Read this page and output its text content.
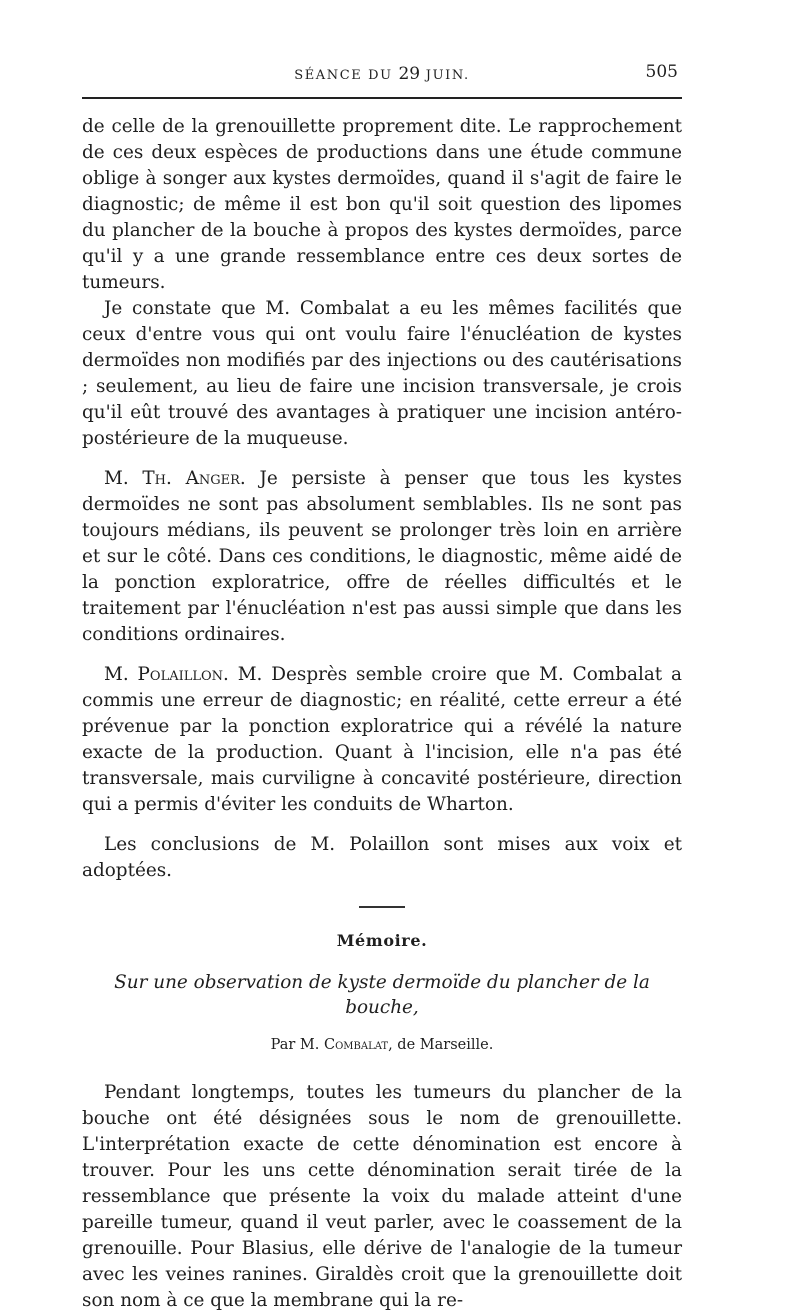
SÉANCE DU 29 JUIN.	505

de celle de la grenouillette proprement dite. Le rapprochement de ces deux espèces de productions dans une étude commune oblige à songer aux kystes dermoïdes, quand il s'agit de faire le diagnostic; de même il est bon qu'il soit question des lipomes du plancher de la bouche à propos des kystes dermoïdes, parce qu'il y a une grande ressemblance entre ces deux sortes de tumeurs.

Je constate que M. Combalat a eu les mêmes facilités que ceux d'entre vous qui ont voulu faire l'énucléation de kystes dermoïdes non modifiés par des injections ou des cautérisations ; seulement, au lieu de faire une incision transversale, je crois qu'il eût trouvé des avantages à pratiquer une incision antéro-postérieure de la muqueuse.

M. Th. Anger. Je persiste à penser que tous les kystes dermoïdes ne sont pas absolument semblables. Ils ne sont pas toujours médians, ils peuvent se prolonger très loin en arrière et sur le côté. Dans ces conditions, le diagnostic, même aidé de la ponction exploratrice, offre de réelles difficultés et le traitement par l'énucléation n'est pas aussi simple que dans les conditions ordinaires.

M. Polaillon. M. Desprès semble croire que M. Combalat a commis une erreur de diagnostic; en réalité, cette erreur a été prévenue par la ponction exploratrice qui a révélé la nature exacte de la production. Quant à l'incision, elle n'a pas été transversale, mais curviligne à concavité postérieure, direction qui a permis d'éviter les conduits de Wharton.

Les conclusions de M. Polaillon sont mises aux voix et adoptées.

Mémoire.

Sur une observation de kyste dermoïde du plancher de la bouche,

Par M. Combalat, de Marseille.

Pendant longtemps, toutes les tumeurs du plancher de la bouche ont été désignées sous le nom de grenouillette. L'interprétation exacte de cette dénomination est encore à trouver. Pour les uns cette dénomination serait tirée de la ressemblance que présente la voix du malade atteint d'une pareille tumeur, quand il veut parler, avec le coassement de la grenouille. Pour Blasius, elle dérive de l'analogie de la tumeur avec les veines ranines. Giraldès croit que la grenouillette doit son nom à ce que la membrane qui la re-
